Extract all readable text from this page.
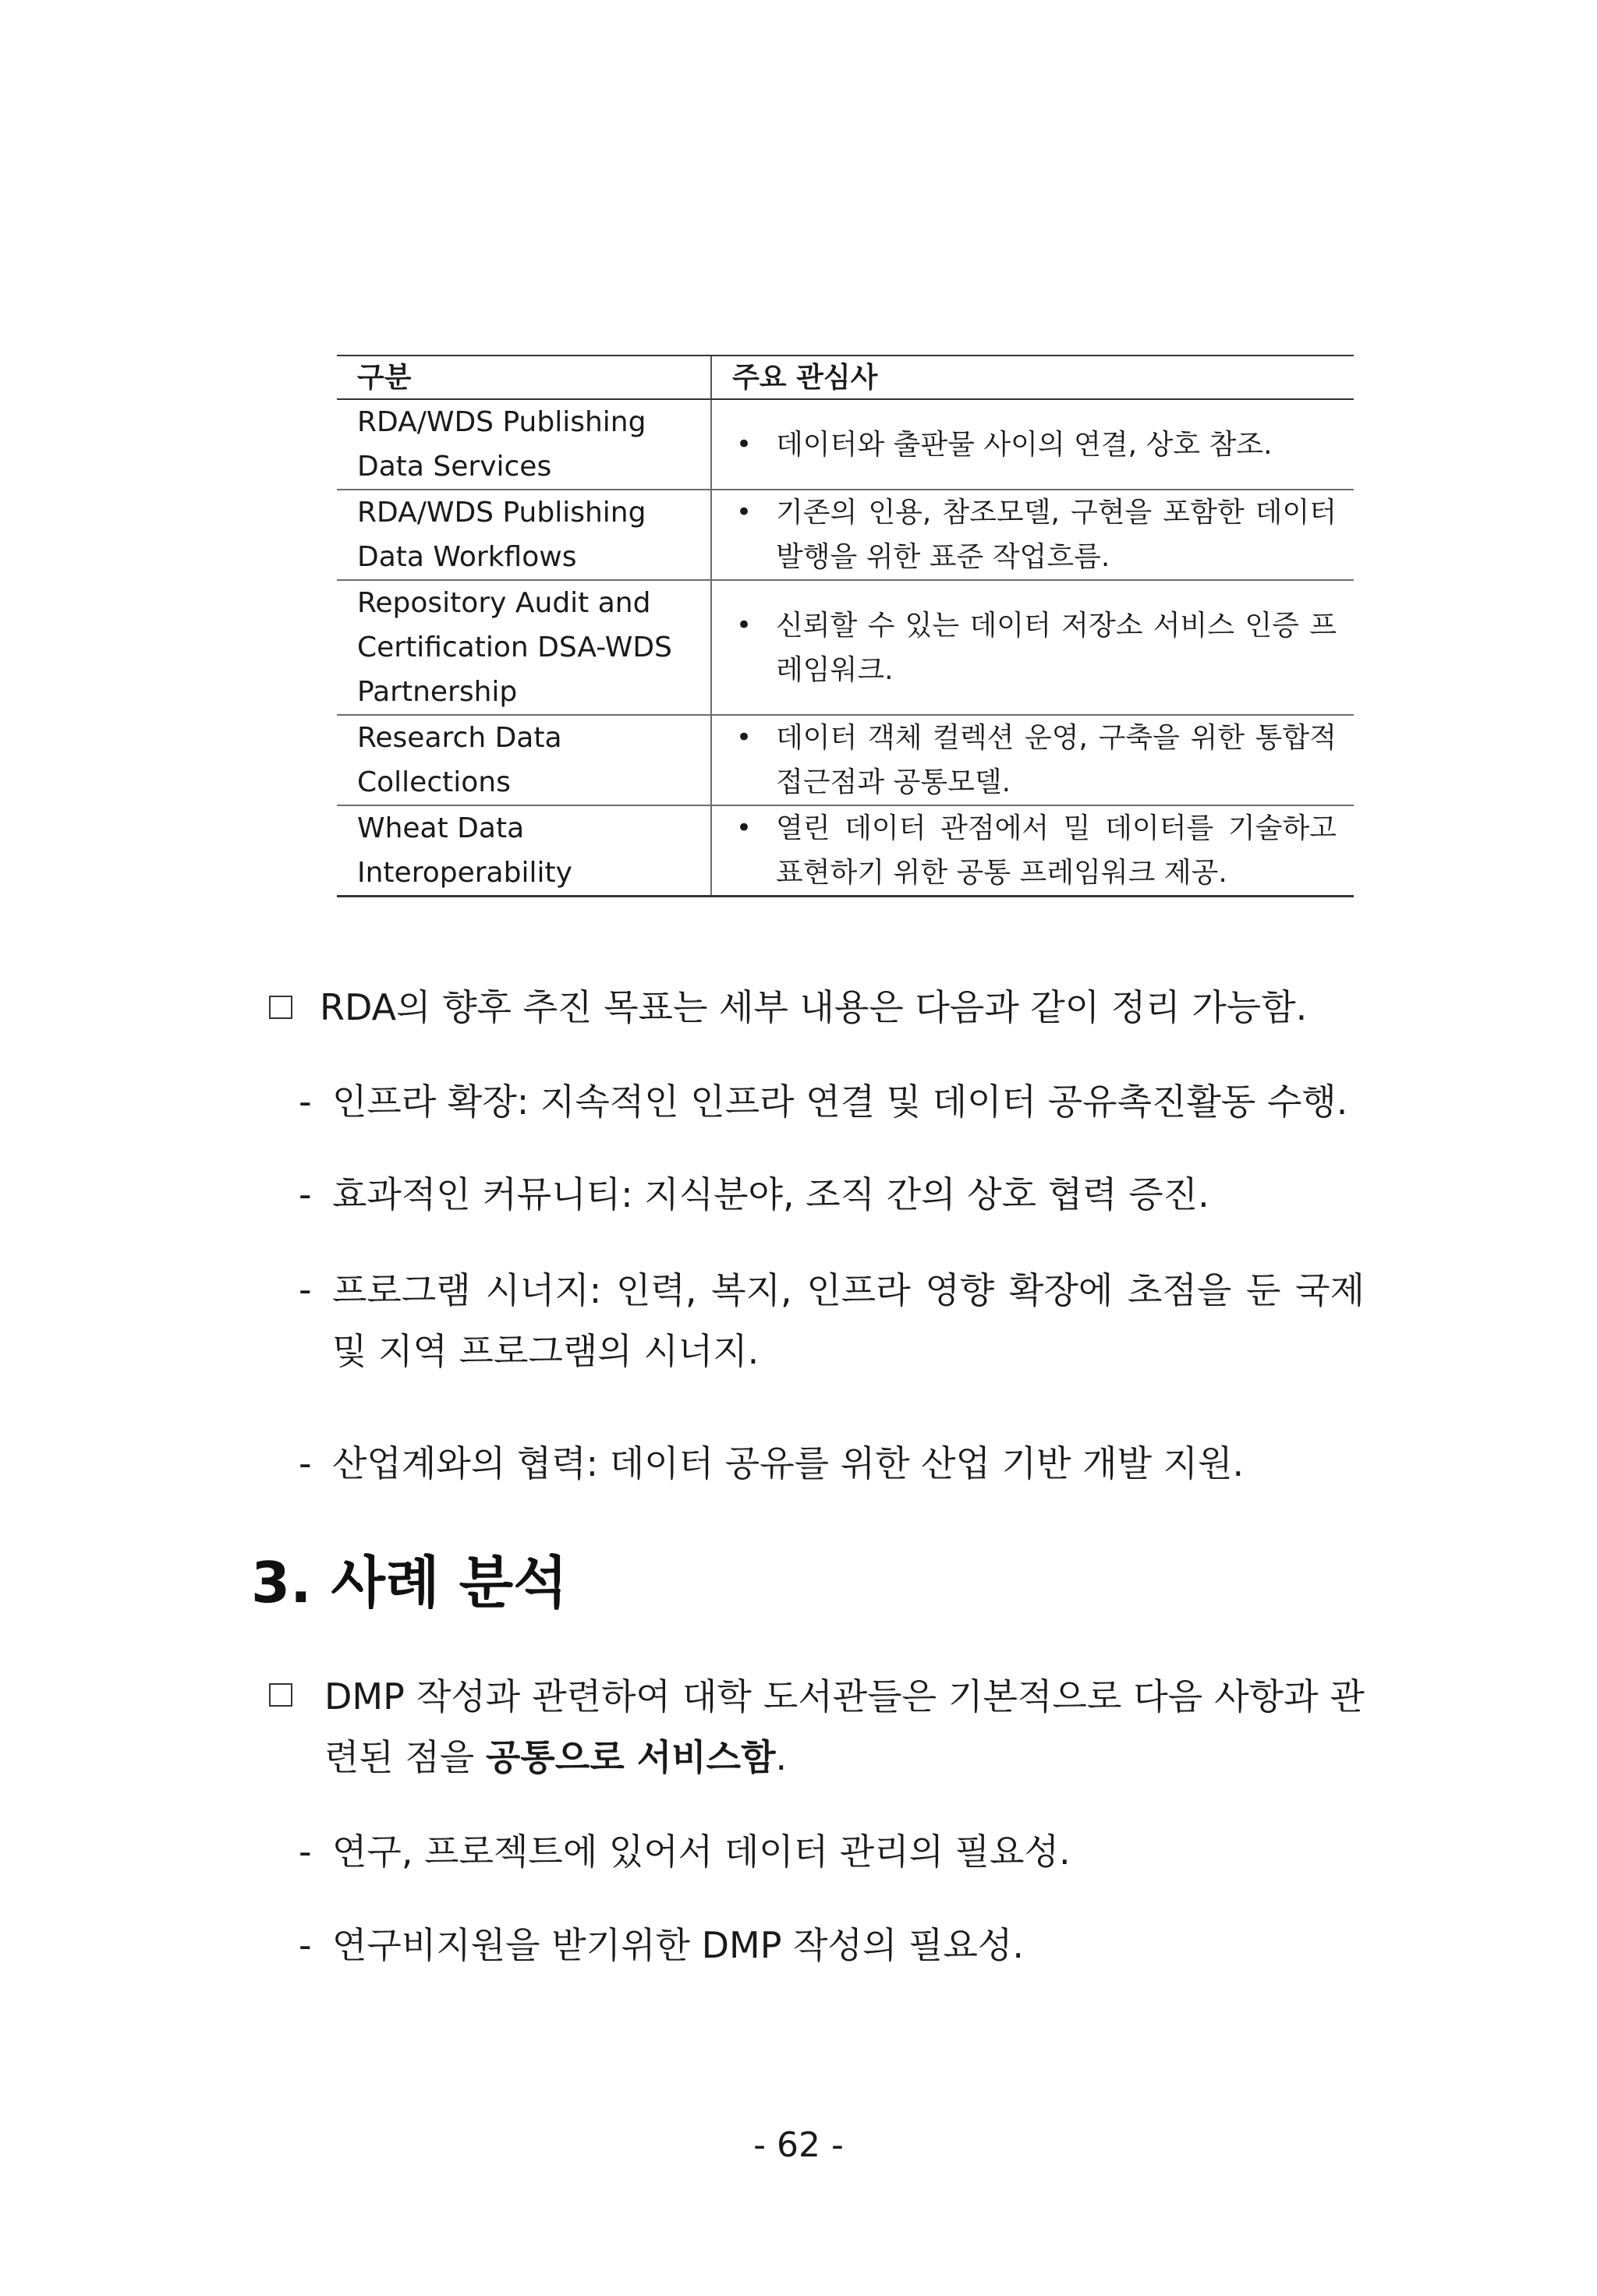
구분	주요 관심사
RDA/WDS Publishing Data Services	• 데이터와 출판물 사이의 연결, 상호 참조.

RDA/WDS Publishing Data Workflows	• 기존의 인용, 참조모델, 구현을 포함한 데이터 발행을 위한 표준 작업흐름.

Repository Audit and Certification DSA-WDS Partnership	• 신뢰할 수 있는 데이터 저장소 서비스 인증 프레임워크.

Research Data Collections	• 데이터 객체 컬렉션 운영, 구축을 위한 통합적 접근점과 공통모델.

Wheat Data Interoperability	• 열린 데이터 관점에서 밀 데이터를 기술하고 표현하기 위한 공통 프레임워크 제공.
RDA의 향후 추진 목표는 세부 내용은 다음과 같이 정리 가능함.
- 인프라 확장: 지속적인 인프라 연결 및 데이터 공유촉진활동 수행.
- 효과적인 커뮤니티: 지식분야, 조직 간의 상호 협력 증진.
- 프로그램 시너지: 인력, 복지, 인프라 영향 확장에 초점을 둔 국제 및 지역 프로그램의 시너지.
- 산업계와의 협력: 데이터 공유를 위한 산업 기반 개발 지원.
3. 사례 분석
DMP 작성과 관련하여 대학 도서관들은 기본적으로 다음 사항과 관련된 점을 공통으로 서비스함.
- 연구, 프로젝트에 있어서 데이터 관리의 필요성.
- 연구비지원을 받기위한 DMP 작성의 필요성.
- 62 -
